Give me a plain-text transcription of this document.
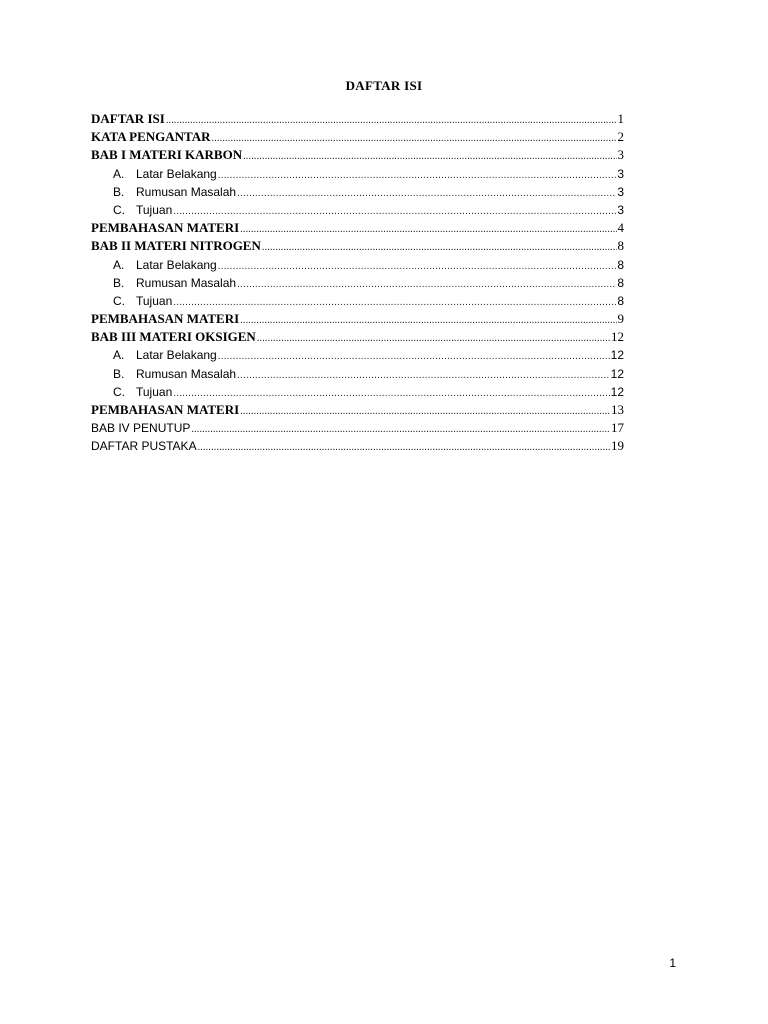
DAFTAR ISI
DAFTAR ISI .....	1
KATA PENGANTAR .....	2
BAB I MATERI KARBON .....	3
A. Latar Belakang .....	3
B. Rumusan Masalah .....	3
C. Tujuan .....	3
PEMBAHASAN MATERI .....	4
BAB II MATERI NITROGEN .....	8
A. Latar Belakang .....	8
B. Rumusan Masalah .....	8
C. Tujuan .....	8
PEMBAHASAN MATERI .....	9
BAB III MATERI OKSIGEN .....	12
A. Latar Belakang .....	12
B. Rumusan Masalah .....	12
C. Tujuan .....	12
PEMBAHASAN MATERI .....	13
BAB IV PENUTUP .....	17
DAFTAR PUSTAKA .....	19
1
